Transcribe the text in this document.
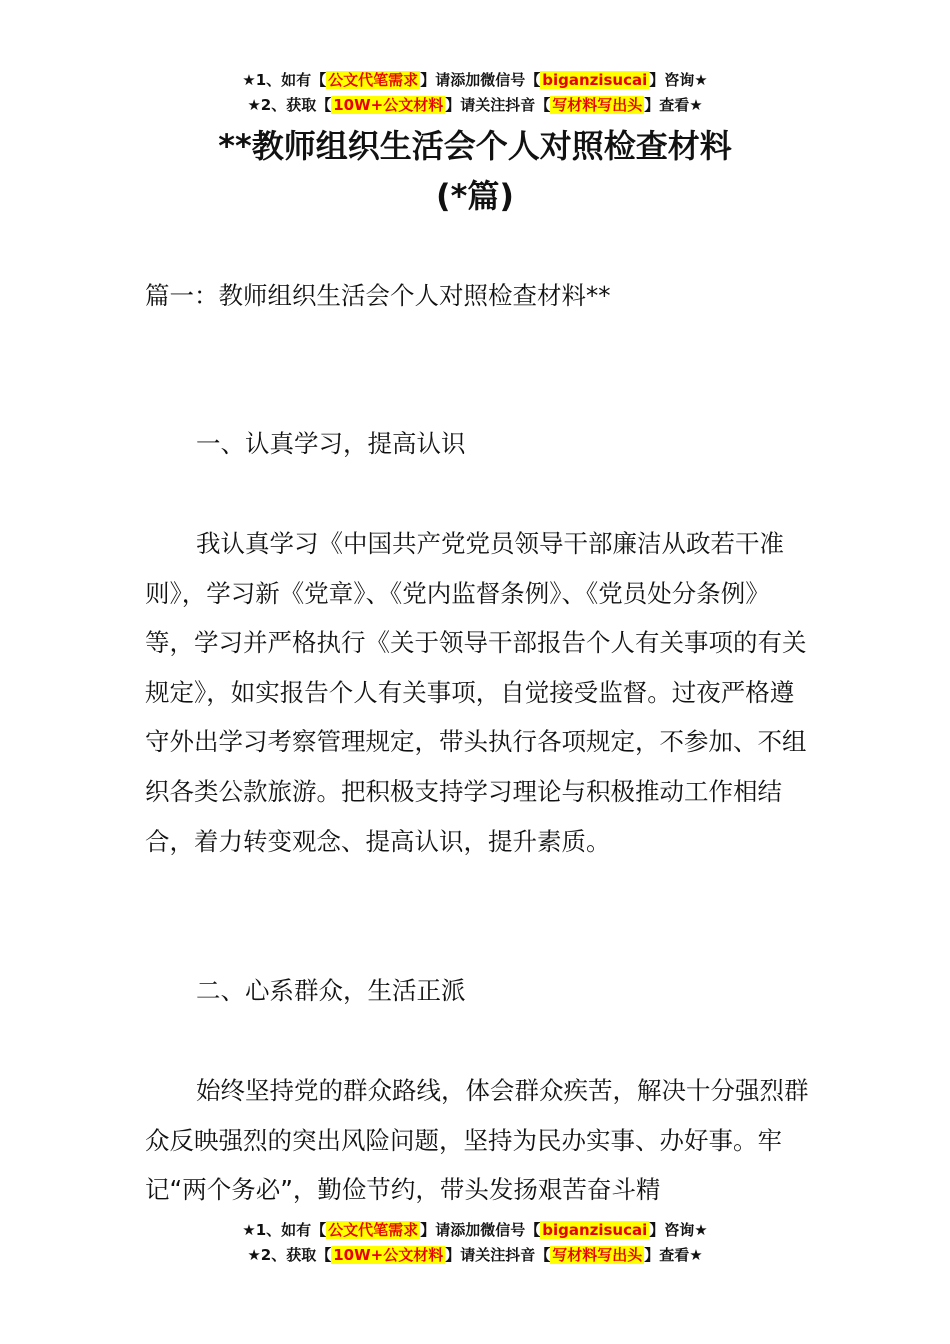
★1、如有【 公文代笔需求 】请添加微信号【 biganzisucai 】咨询★
★2、获取【 10W+公文材料 】请关注抖音【 写材料写出头 】查看★
**教师组织生活会个人对照检查材料
(*篇)
篇一：教师组织生活会个人对照检查材料**
一、认真学习，提高认识
我认真学习《中国共产党党员领导干部廉洁从政若干准则》，学习新《党章》、《党内监督条例》、《党员处分条例》等，学习并严格执行《关于领导干部报告个人有关事项的有关规定》，如实报告个人有关事项，自觉接受监督。过夜严格遵守外出学习考察管理规定，带头执行各项规定，不参加、不组织各类公款旅游。把积极支持学习理论与积极推动工作相结合，着力转变观念、提高认识，提升素质。
二、心系群众，生活正派
始终坚持党的群众路线，体会群众疾苦，解决十分强烈群众反映强烈的突出风险问题，坚持为民办实事、办好事。牢记“两个务必”，勤俭节约，带头发扬艰苦奋斗精
★1、如有【 公文代笔需求 】请添加微信号【 biganzisucai 】咨询★
★2、获取【 10W+公文材料 】请关注抖音【 写材料写出头 】查看★
